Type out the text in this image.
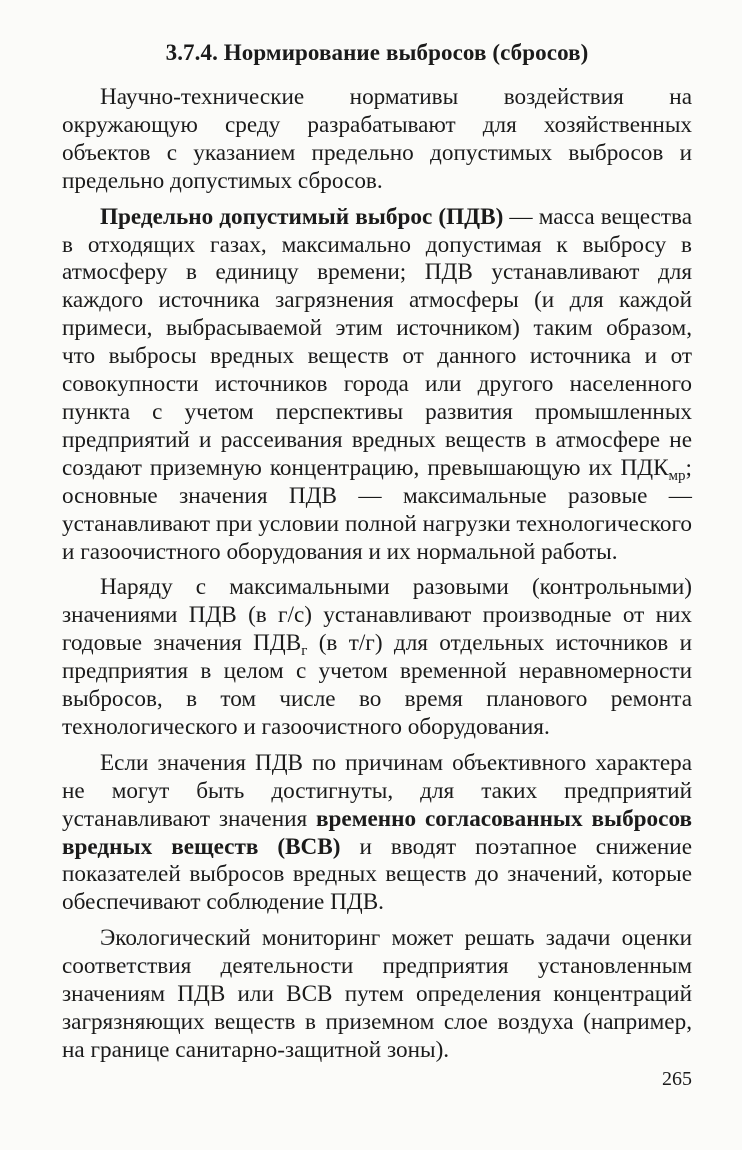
3.7.4. Нормирование выбросов (сбросов)

Научно-технические нормативы воздействия на окружающую среду разрабатывают для хозяйственных объектов с указанием предельно допустимых выбросов и предельно допустимых сбросов.

Предельно допустимый выброс (ПДВ) — масса вещества в отходящих газах, максимально допустимая к выбросу в атмосферу в единицу времени; ПДВ устанавливают для каждого источника загрязнения атмосферы (и для каждой примеси, выбрасываемой этим источником) таким образом, что выбросы вредных веществ от данного источника и от совокупности источников города или другого населенного пункта с учетом перспективы развития промышленных предприятий и рассеивания вредных веществ в атмосфере не создают приземную концентрацию, превышающую их $ПДК_{мр}$; основные значения ПДВ — максимальные разовые — устанавливают при условии полной нагрузки технологического и газоочистного оборудования и их нормальной работы.

Наряду с максимальными разовыми (контрольными) значениями ПДВ (в г/с) устанавливают производные от них годовые значения $ПДВ_г$ (в т/г) для отдельных источников и предприятия в целом с учетом временной неравномерности выбросов, в том числе во время планового ремонта технологического и газоочистного оборудования.

Если значения ПДВ по причинам объективного характера не могут быть достигнуты, для таких предприятий устанавливают значения временно согласованных выбросов вредных веществ (ВСВ) и вводят поэтапное снижение показателей выбросов вредных веществ до значений, которые обеспечивают соблюдение ПДВ.

Экологический мониторинг может решать задачи оценки соответствия деятельности предприятия установленным значениям ПДВ или ВСВ путем определения концентраций загрязняющих веществ в приземном слое воздуха (например, на границе санитарно-защитной зоны).

265
